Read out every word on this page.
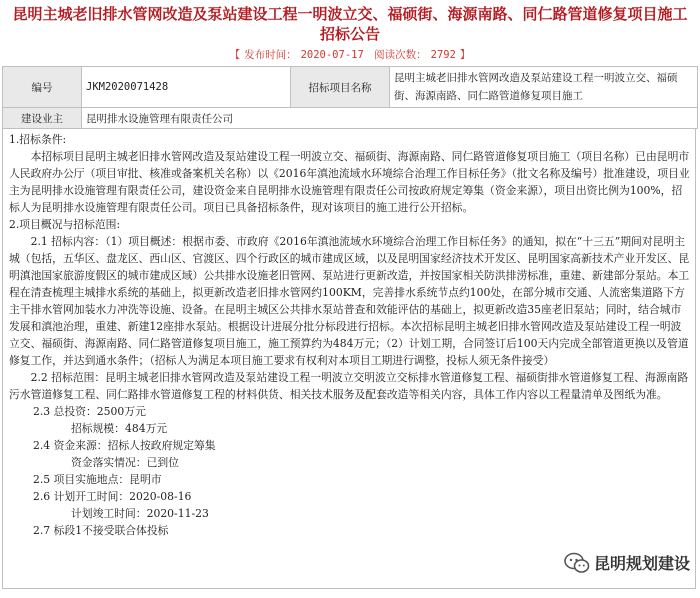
昆明主城老旧排水管网改造及泵站建设工程一明波立交、福硕街、海源南路、同仁路管道修复项目施工招标公告
【 发布时间： 2020-07-17 阅读次数： 2792 】
编号	JKM2020071428	招标项目名称	昆明主城老旧排水管网改造及泵站建设工程一明波立交、福硕街、海源南路、同仁路管道修复项目施工
建设业主	昆明排水设施管理有限责任公司		

1.招标条件:

本招标项目昆明主城老旧排水管网改造及泵站建设工程一明波立交、福硕街、海源南路、同仁路管道修复项目施工（项目名称）已由昆明市人民政府办公厅（项目审批、核准或备案机关名称）以《2016年滇池流域水环境综合治理工作目标任务》（批文名称及编号）批准建设，项目业主为昆明排水设施管理有限责任公司，建设资金来自昆明排水设施管理有限责任公司按政府规定筹集（资金来源），项目出资比例为100%，招标人为昆明排水设施管理有限责任公司。项目已具备招标条件，现对该项目的施工进行公开招标。

2.项目概况与招标范围:

2.1 招标内容：（1）项目概述：根据市委、市政府《2016年滇池流域水环境综合治理工作目标任务》的通知，拟在“十三五”期间对昆明主城（包括，五华区、盘龙区、西山区、官渡区、四个行政区的城市建成区域，以及昆明国家经济技术开发区、昆明国家高新技术产业开发区、昆明滇池国家旅游度假区的城市建成区域）公共排水设施老旧管网、泵站进行更新改造，并按国家相关防洪排涝标准，重建、新建部分泵站。本工程在清查梳理主城排水系统的基础上，拟更新改造老旧排水管网约100KM，完善排水系统节点约100处，在部分城市交通、人流密集道路下方主干排水管网加装水力冲洗等设施、设备。在昆明主城区公共排水泵站普查和效能评估的基础上，拟更新改造35座老旧泵站；同时，结合城市发展和滇池治理，重建、新建12座排水泵站。根据设计进展分批分标段进行招标。本次招标昆明主城老旧排水管网改造及泵站建设工程一明波立交、福硕街、海源南路、同仁路管道修复项目施工，施工预算约为484万元；（2）计划工期，合同签订后100天内完成全部管道更换以及管道修复工作，并达到通水条件；（招标人为满足本项目施工要求有权利对本项目工期进行调整，投标人须无条件接受）

2.2 招标范围：昆明主城老旧排水管网改造及泵站建设工程一明波立交明波立交标排水管道修复工程、福硕街排水管道修复工程、海源南路污水管道修复工程、同仁路排水管道修复工程的材料供货、相关技术服务及配套改造等相关内容，具体工作内容以工程量清单及图纸为准。

2.3 总投资：2500万元

招标规模：484万元

2.4 资金来源：招标人按政府规定筹集

资金落实情况：已到位

2.5 项目实施地点：昆明市

2.6 计划开工时间：2020-08-16

计划竣工时间：2020-11-23

2.7 标段1不接受联合体投标

昆明规划建设
